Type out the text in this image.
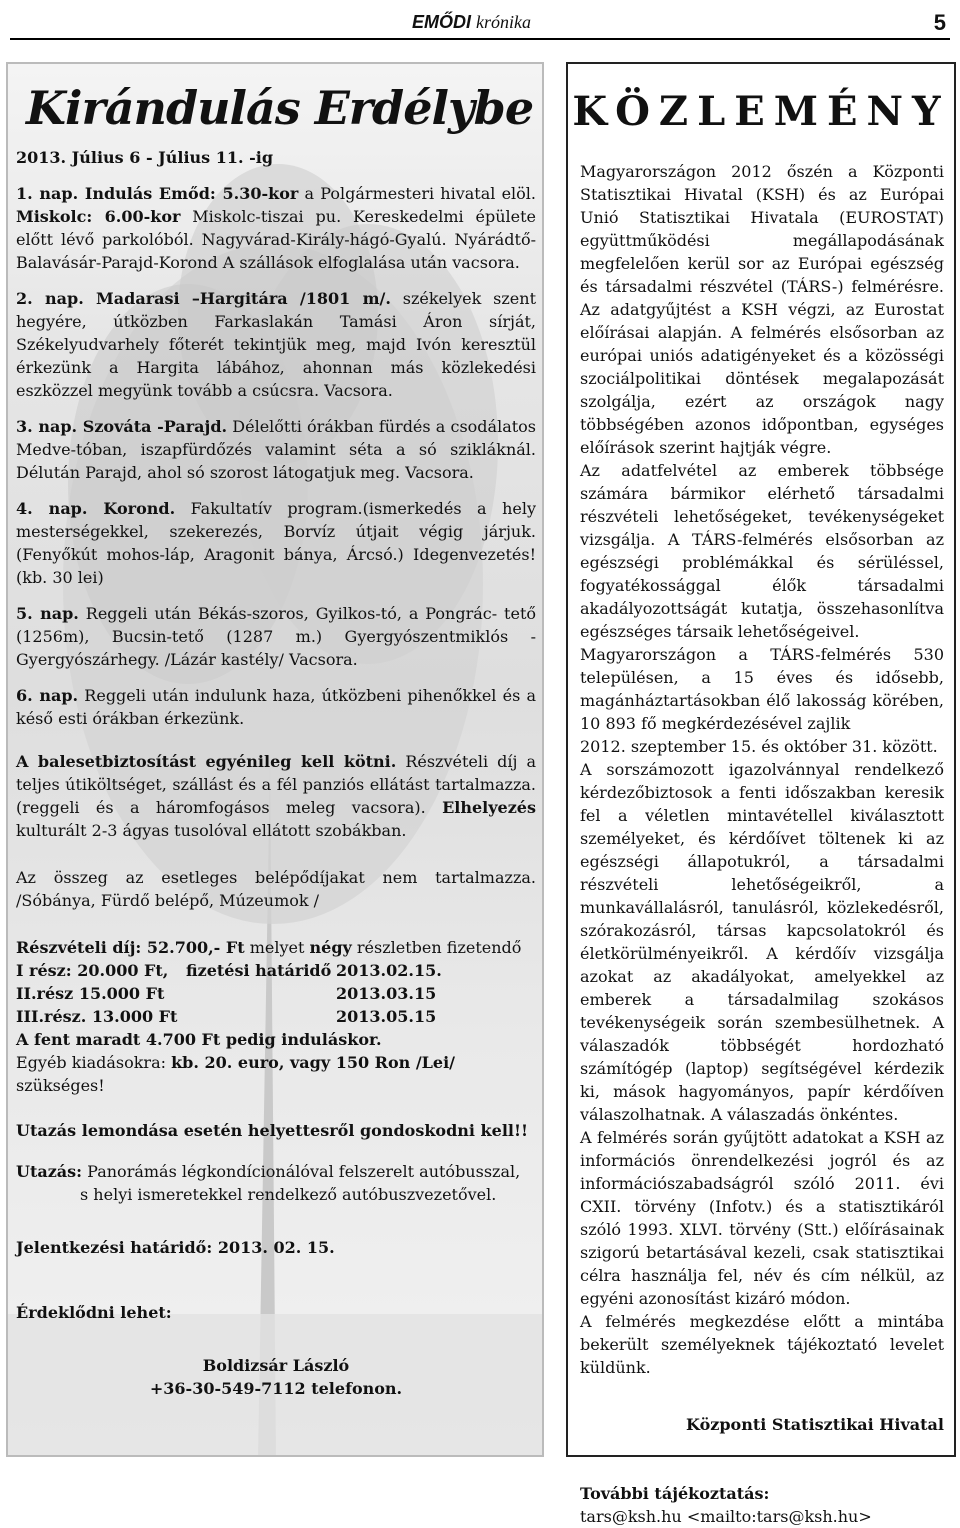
EMŐDI krónika	5
Kirándulás Erdélybe

2013. Július 6 - Július 11. -ig

1. nap. Indulás Emőd: 5.30-kor a Polgármesteri hivatal elöl. Miskolc: 6.00-kor Miskolc-tiszai pu. Kereskedelmi épülete előtt lévő parkolóból. Nagyvárad-Király-hágó-Gyalú. Nyárádtő-Balavásár-Parajd-Korond A szállások elfoglalása után vacsora.

2. nap. Madarasi –Hargitára /1801 m/. székelyek szent hegyére, útközben Farkaslakán Tamási Áron sírját, Székelyudvarhely főterét tekintjük meg, majd Ivón keresztül érkezünk a Hargita lábához, ahonnan más közlekedési eszközzel megyünk tovább a csúcsra. Vacsora.

3. nap. Szováta -Parajd. Délelőtti órákban fürdés a csodálatos Medve-tóban, iszapfürdőzés valamint séta a só szikláknál. Délután Parajd, ahol só szorost látogatjuk meg. Vacsora.

4. nap. Korond. Fakultatív program.(ismerkedés a hely mesterségekkel, szekerezés, Borvíz útjait végig járjuk. (Fenyőkút mohos-láp, Aragonit bánya, Árcsó.) Idegenvezetés!(kb. 30 lei)

5. nap. Reggeli után Békás-szoros, Gyilkos-tó, a Pongrác- tető (1256m), Bucsin-tető (1287 m.) Gyergyószentmiklós - Gyergyószárhegy. /Lázár kastély/ Vacsora.

6. nap. Reggeli után indulunk haza, útközbeni pihenőkkel és a késő esti órákban érkezünk.

A balesetbiztosítást egyénileg kell kötni. Részvételi díj a teljes útiköltséget, szállást és a fél panziós ellátást tartalmazza.(reggeli és a háromfogásos meleg vacsora). Elhelyezés kulturált 2-3 ágyas tusolóval ellátott szobákban.

Az összeg az esetleges belépődíjakat nem tartalmazza. /Sóbánya, Fürdő belépő, Múzeumok /

Részvételi díj: 52.700,- Ft melyet négy részletben fizetendő
I rész: 20.000 Ft, fizetési határidő 2013.02.15.
II.rész 15.000 Ft	2013.03.15
III.rész. 13.000 Ft	2013.05.15
A fent maradt 4.700 Ft pedig induláskor.
Egyéb kiadásokra: kb. 20. euro, vagy 150 Ron /Lei/ szükséges!

Utazás lemondása esetén helyettesről gondoskodni kell!!

Utazás: Panorámás légkondícionálóval felszerelt autóbusszal,
s helyi ismeretekkel rendelkező autóbuszvezetővel.

Jelentkezési határidő: 2013. 02. 15.

Érdeklődni lehet:

Boldizsár László
+36-30-549-7112 telefonon.
KÖZLEMÉNY

Magyarországon 2012 őszén a Központi Statisztikai Hivatal (KSH) és az Európai Unió Statisztikai Hivatala (EUROSTAT) együttműködési megállapodásának megfelelően kerül sor az Európai egészség és társadalmi részvétel (TÁRS-) felmérésre. Az adatgyűjtést a KSH végzi, az Eurostat előírásai alapján. A felmérés elsősorban az európai uniós adatigényeket és a közösségi szociálpolitikai döntések megalapozását szolgálja, ezért az országok nagy többségében azonos időpontban, egységes előírások szerint hajtják végre.

Az adatfelvétel az emberek többsége számára bármikor elérhető társadalmi részvételi lehetőségeket, tevékenységeket vizsgálja. A TÁRS-felmérés elsősorban az egészségi problémákkal és sérüléssel, fogyatékossággal élők társadalmi akadályozottságát kutatja, összehasonlítva egészséges társaik lehetőségeivel.

Magyarországon a TÁRS-felmérés 530 településen, a 15 éves és idősebb, magánháztartásokban élő lakosság körében, 10 893 fő megkérdezésével zajlik

2012. szeptember 15. és október 31. között.

A sorszámozott igazolvánnyal rendelkező kérdezőbiztosok a fenti időszakban keresik fel a véletlen mintavétellel kiválasztott személyeket, és kérdőívet töltenek ki az egészségi állapotukról, a társadalmi részvételi lehetőségeikről, a munkavállalásról, tanulásról, közlekedésről, szórakozásról, társas kapcsolatokról és életkörülményeikről. A kérdőív vizsgálja azokat az akadályokat, amelyekkel az emberek a társadalmilag szokásos tevékenységeik során szembesülhetnek. A válaszadók többségét hordozható számítógép (laptop) segítségével kérdezik ki, mások hagyományos, papír kérdőíven válaszolhatnak. A válaszadás önkéntes.

A felmérés során gyűjtött adatokat a KSH az információs önrendelkezési jogról és az információszabadságról szóló 2011. évi CXII. törvény (Infotv.) és a statisztikáról szóló 1993. XLVI. törvény (Stt.) előírásainak szigorú betartásával kezeli, csak statisztikai célra használja fel, név és cím nélkül, az egyéni azonosítást kizáró módon.

A felmérés megkezdése előtt a mintába bekerült személyeknek tájékoztató levelet küldünk.

Központi Statisztikai Hivatal
További tájékoztatás:
tars@ksh.hu <mailto:tars@ksh.hu>
